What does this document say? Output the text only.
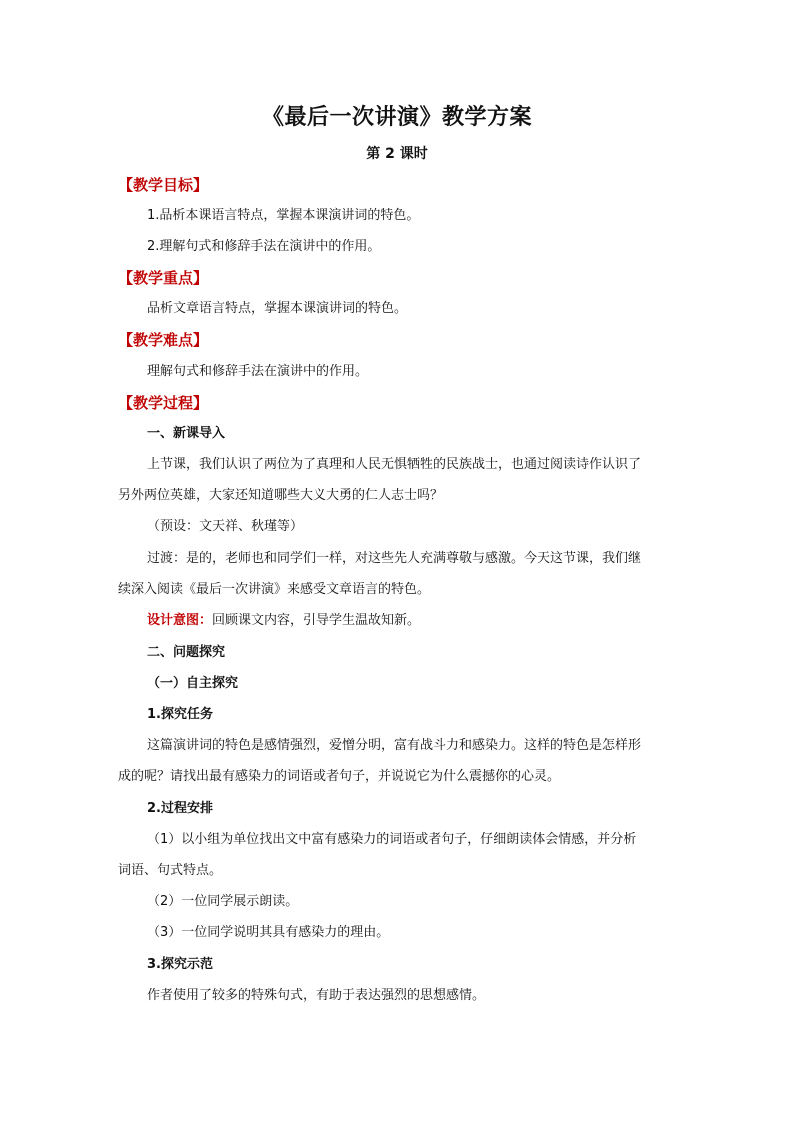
《最后一次讲演》教学方案
第 2 课时
【教学目标】
1.品析本课语言特点，掌握本课演讲词的特色。
2.理解句式和修辞手法在演讲中的作用。
【教学重点】
品析文章语言特点，掌握本课演讲词的特色。
【教学难点】
理解句式和修辞手法在演讲中的作用。
【教学过程】
一、新课导入
上节课，我们认识了两位为了真理和人民无惧牺牲的民族战士，也通过阅读诗作认识了
另外两位英雄，大家还知道哪些大义大勇的仁人志士吗？
（预设：文天祥、秋瑾等）
过渡：是的，老师也和同学们一样，对这些先人充满尊敬与感激。今天这节课，我们继
续深入阅读《最后一次讲演》来感受文章语言的特色。
设计意图：回顾课文内容，引导学生温故知新。
二、问题探究
（一）自主探究
1.探究任务
这篇演讲词的特色是感情强烈，爱憎分明，富有战斗力和感染力。这样的特色是怎样形
成的呢？请找出最有感染力的词语或者句子，并说说它为什么震撼你的心灵。
2.过程安排
（1）以小组为单位找出文中富有感染力的词语或者句子，仔细朗读体会情感，并分析
词语、句式特点。
（2）一位同学展示朗读。
（3）一位同学说明其具有感染力的理由。
3.探究示范
作者使用了较多的特殊句式，有助于表达强烈的思想感情。
